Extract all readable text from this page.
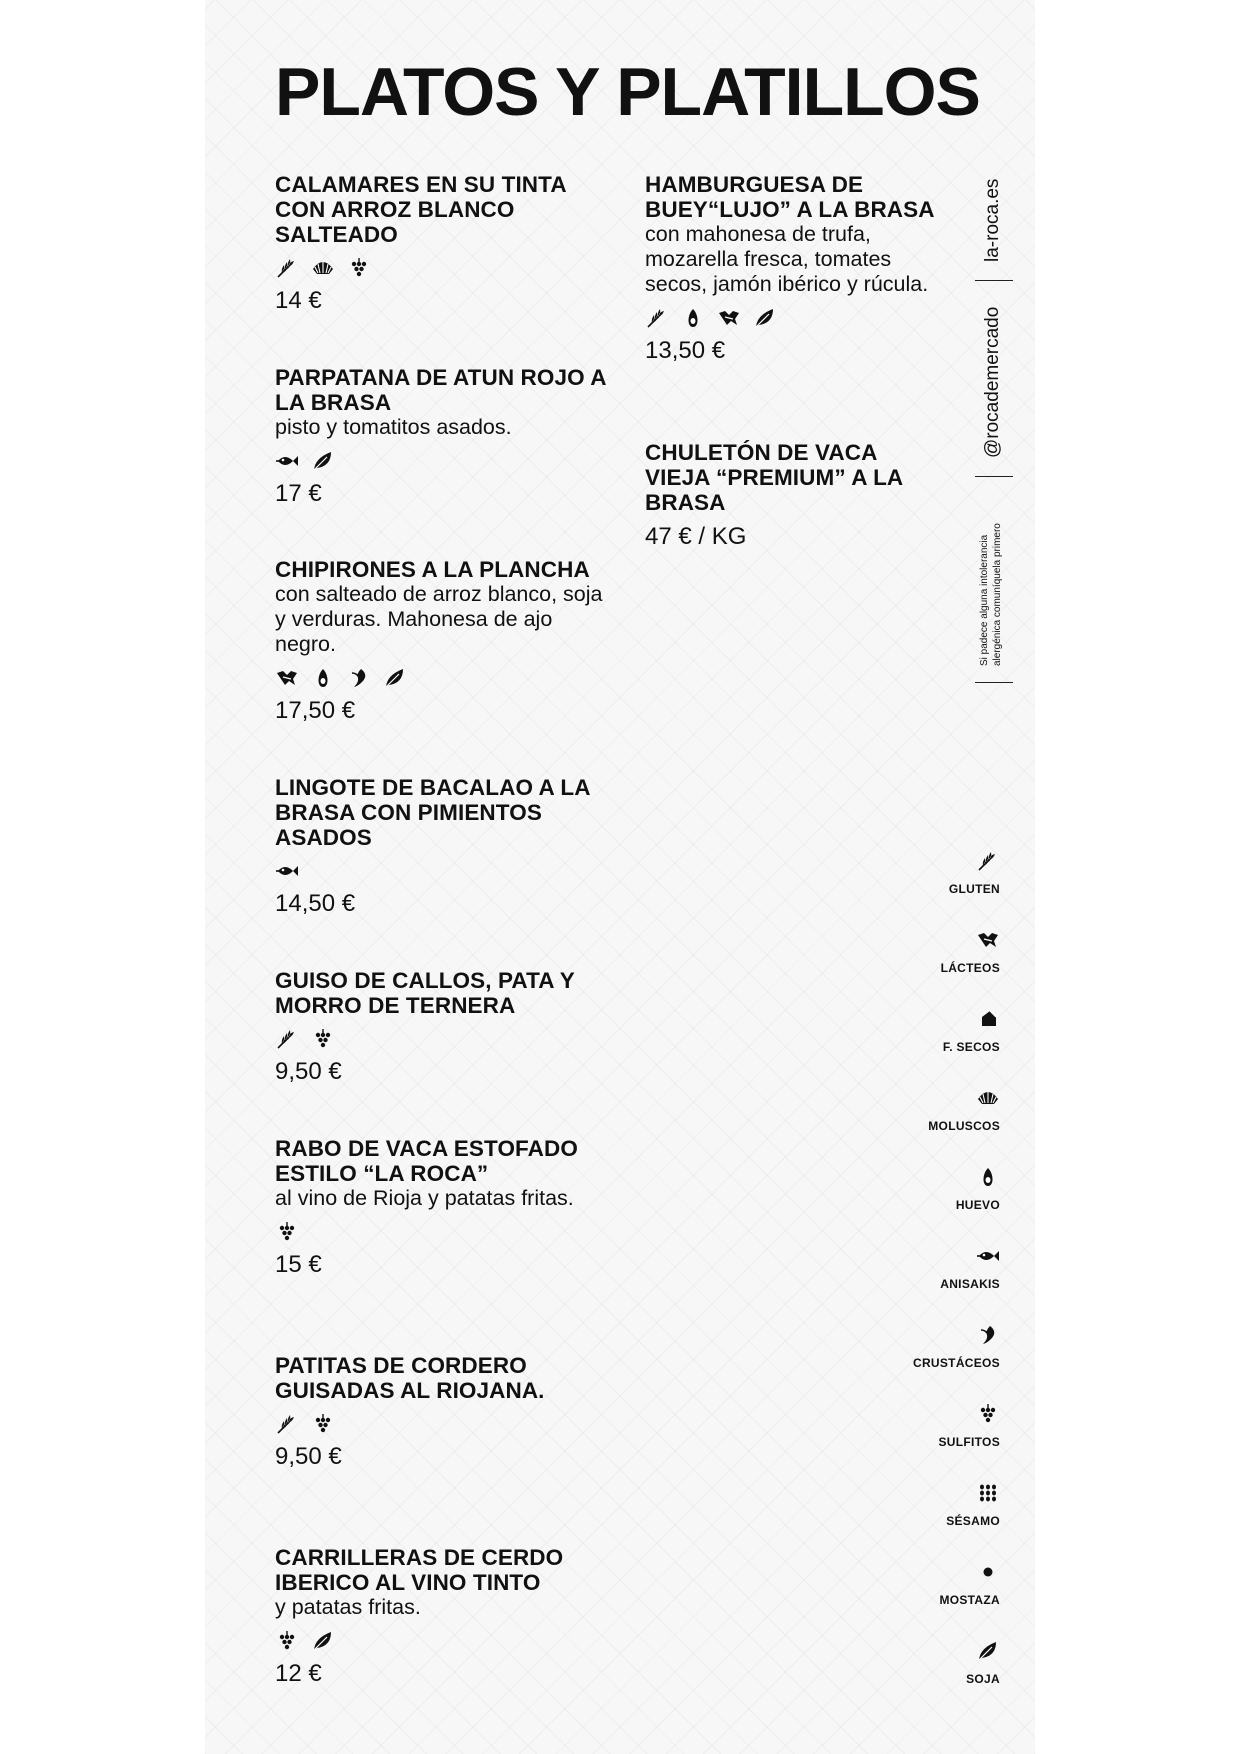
PLATOS Y PLATILLOS

CALAMARES EN SU TINTA CON ARROZ BLANCO SALTEADO

14 €

PARPATANA DE ATUN ROJO A LA BRASA

pisto y tomatitos asados.

17 €

CHIPIRONES A LA PLANCHA

con salteado de arroz blanco, soja y verduras. Mahonesa de ajo negro.

17,50 €

LINGOTE DE BACALAO A LA BRASA CON PIMIENTOS ASADOS

14,50 €

GUISO DE CALLOS, PATA Y MORRO DE TERNERA

9,50 €

RABO DE VACA ESTOFADO ESTILO “LA ROCA”

al vino de Rioja y patatas fritas.

15 €

PATITAS DE CORDERO GUISADAS AL RIOJANA.

9,50 €

CARRILLERAS DE CERDO IBERICO AL VINO TINTO

y patatas fritas.

12 €

HAMBURGUESA DE BUEY“LUJO” A LA BRASA

con mahonesa de trufa, mozarella fresca, tomates secos, jamón ibérico y rúcula.

13,50 €

CHULETÓN DE VACA VIEJA “PREMIUM” A LA BRASA

47 € / KG
la-roca.es
@rocademercado
Si padece alguna intolerancia alergénica comuníquela primero
GLUTEN
LÁCTEOS
F. SECOS
MOLUSCOS
HUEVO
ANISAKIS
CRUSTÁCEOS
SULFITOS
SÉSAMO
MOSTAZA
SOJA
